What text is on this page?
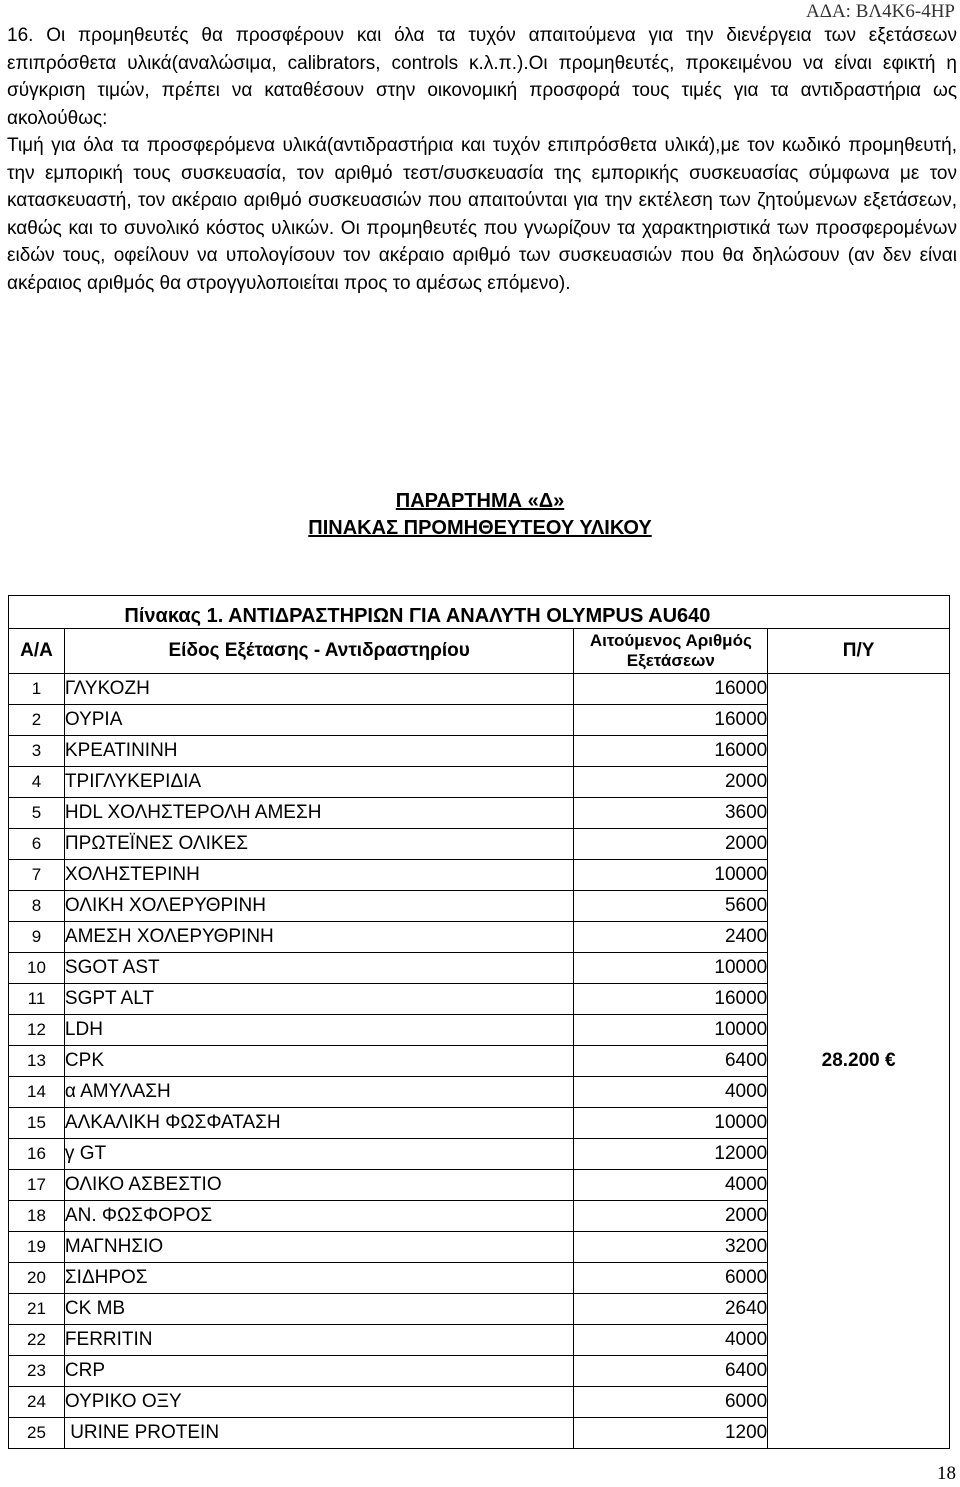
ΑΔΑ: ΒΛ4Κ6-4ΗΡ

16. Οι προμηθευτές θα προσφέρουν και όλα τα τυχόν απαιτούμενα για την διενέργεια των εξετάσεων επιπρόσθετα υλικά(αναλώσιμα, calibrators, controls κ.λ.π.).Οι προμηθευτές, προκειμένου να είναι εφικτή η σύγκριση τιμών, πρέπει να καταθέσουν στην οικονομική προσφορά τους τιμές για τα αντιδραστήρια ως ακολούθως:

Τιμή για όλα τα προσφερόμενα υλικά(αντιδραστήρια και τυχόν επιπρόσθετα υλικά),με τον κωδικό προμηθευτή, την εμπορική τους συσκευασία, τον αριθμό τεστ/συσκευασία της εμπορικής συσκευασίας σύμφωνα με τον κατασκευαστή, τον ακέραιο αριθμό συσκευασιών που απαιτούνται για την εκτέλεση των ζητούμενων εξετάσεων, καθώς και το συνολικό κόστος υλικών. Οι προμηθευτές που γνωρίζουν τα χαρακτηριστικά των προσφερομένων ειδών τους, οφείλουν να υπολογίσουν τον ακέραιο αριθμό των συσκευασιών που θα δηλώσουν (αν δεν είναι ακέραιος αριθμός θα στρογγυλοποιείται προς το αμέσως επόμενο).

ΠΑΡΑΡΤΗΜΑ «Δ»
ΠΙΝΑΚΑΣ ΠΡΟΜΗΘΕΥΤΕΟΥ ΥΛΙΚΟΥ
	Πίνακας 1. ΑΝΤΙΔΡΑΣΤΗΡΙΩΝ ΓΙΑ ΑΝΑΛΥΤΗ OLYMPUS AU640		
Α/Α	Είδος Εξέτασης - Αντιδραστηρίου	Αιτούμενος Αριθμός
Εξετάσεων	Π/Υ
1	ΓΛΥΚΟΖΗ	16000	28.200 €
2	ΟΥΡΙΑ	16000	
3	ΚΡΕΑΤΙΝΙΝΗ	16000	
4	ΤΡΙΓΛΥΚΕΡΙΔΙΑ	2000	
5	HDL ΧΟΛΗΣΤΕΡΟΛΗ ΑΜΕΣΗ	3600	
6	ΠΡΩΤΕΪΝΕΣ ΟΛΙΚΕΣ	2000	
7	ΧΟΛΗΣΤΕΡΙΝΗ	10000	
8	ΟΛΙΚΗ ΧΟΛΕΡΥΘΡΙΝΗ	5600	
9	ΑΜΕΣΗ ΧΟΛΕΡΥΘΡΙΝΗ	2400	
10	SGOT AST	10000	
11	SGPT ALT	16000	
12	LDH	10000	
13	CPK	6400	
14	α ΑΜΥΛΑΣΗ	4000	
15	ΑΛΚΑΛΙΚΗ ΦΩΣΦΑΤΑΣΗ	10000	
16	γ GT	12000	
17	ΟΛΙΚΟ ΑΣΒΕΣΤΙΟ	4000	
18	ΑΝ. ΦΩΣΦΟΡΟΣ	2000	
19	ΜΑΓΝΗΣΙΟ	3200	
20	ΣΙΔΗΡΟΣ	6000	
21	CK MB	2640	
22	FERRITIN	4000	
23	CRP	6400	
24	ΟΥΡΙΚΟ ΟΞΥ	6000	
25	URINE PROTEIN	1200	
18
